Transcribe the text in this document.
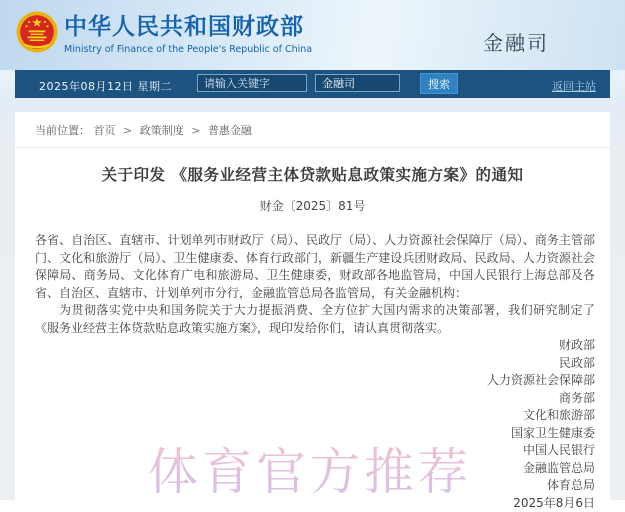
中华人民共和国财政部
Ministry of Finance of the People's Republic of China	金融司
2025年08月12日 星期二
请输入关键字
金融司	搜索	返回主站
当前位置： 首页 > 政策制度 > 普惠金融
关于印发 《服务业经营主体贷款贴息政策实施方案》的通知
财金〔2025〕81号

各省、自治区、直辖市、计划单列市财政厅（局）、民政厅（局）、人力资源社会保障厅（局）、商务主管部门、文化和旅游厅（局）、卫生健康委、体育行政部门，新疆生产建设兵团财政局、民政局、人力资源社会保障局、商务局、文化体育广电和旅游局、卫生健康委，财政部各地监管局，中国人民银行上海总部及各省、自治区、直辖市、计划单列市分行，金融监管总局各监管局，有关金融机构：

为贯彻落实党中央和国务院关于大力提振消费、全方位扩大国内需求的决策部署，我们研究制定了《服务业经营主体贷款贴息政策实施方案》，现印发给你们，请认真贯彻落实。

财政部
民政部
人力资源社会保障部
商务部
文化和旅游部
国家卫生健康委
中国人民银行
金融监管总局
体育总局
2025年8月6日
